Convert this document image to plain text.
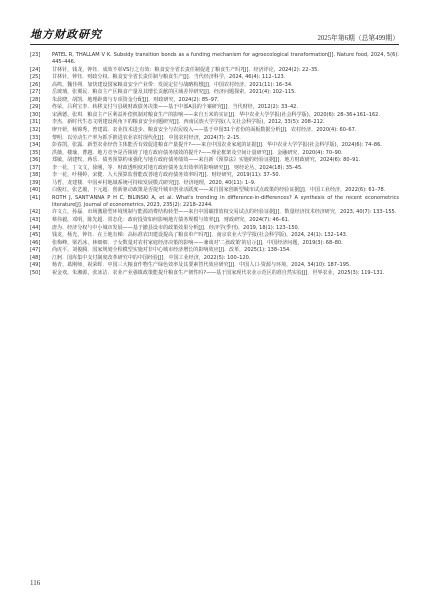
地方财政研究	2025年第6期（总第499期）
[23]	PATEL R, THALLAM V K. Subsidy transition bonds as a funding mechanism for agroecological transformation[J]. Nature food, 2024, 5(6): 445–446.
[24]	甘林针，钱龙，钟钰．成效不彰VS行之有效：粮食安全省长责任制促进了粮食生产吗?[J]．经济评论，2024(2): 22–35.
[25]	甘林针，钟钰．财政分权、粮食安全省长责任制与粮食生产[J]．当代经济科学，2024, 46(4): 112–123.
[26]	高鸣，魏佳朔．加快建设国家粮食安全产业带：发展定位与战略构想[J]．中国农村经济，2021(11): 16–34.
[27]	岳玻璃，张翼民．粮食主产区粮食产量及其增长贡献的区域差异研究[J]．经济问题探索，2021(4): 102–115.
[28]	朱晨晓，胡凯．地理距离与专项资金分配[J]．财政研究，2024(2): 85–97.
[29]	佟荣，吕利宝李．转移支付与县级财政债务决策——基于中部A县的个案研究[J]．当代财经，2012(2): 33–42.
[30]	宋满德，张琪．粮食主产区利益补偿机制对粮食生产的影响——来自玉米的实证[J]．华中农业大学学报(社会科学版)，2020(6): 28–36+161–162.
[31]	李杰．新时代生态文明建设视角下的粮食安全问题研究[J]．西南民族大学学报(人文社会科学版)，2012, 33(5): 208–212.
[32]	廖开妍，杨锦秀，曾建霞．农业技术进步、粮食安全与农民收入——基于中国31个省份的面板数据分析[J]．农村经济，2020(4): 60–67.
[33]	黎明．以劳动生产率为抓手推进农业农村现代化[J]．中国农村经济，2024(7): 2–15.
[34]	彭春凯，张露．新型农业经营主体能否有效促进粮食产量提升?——来自中国农业家庭的证据[J]．华中农业大学学报(社会科学版)，2024(6): 74–86.
[35]	洪薇，楼瑜，曹越．地方竞争是否阻碍了地方政府债务绩效的提升?——理论框架及空间计量研究[J]．金融研究，2020(4): 70–90.
[36]	郑敏，胡建牧，蒋乐．债务预算约束强化与地方政府债务绩效——来自新《预算法》实施的经验证据[J]．地方财政研究，2024(6): 80–91.
[37]	李一花，丁文文，徐刚，等．财政透明度对地方政府债务支出效率的影响研究[J]．财经论丛，2024(18): 35–45.
[38]	李一花，叶栩婷，宋健．人大预算监督能改善地方政府债务效率吗?[J]．财经研究，2019(11): 37–50.
[39]	马哲，龙建楼．中国乡村地域系统可持续发展模式研究[J]．经济地理，2020, 40(11): 1–9.
[40]	白俊红，张艺璇，卞元超．创新驱动政策是否提升城市创业活跃度——来自国家创新型城市试点政策的经验证据[J]．中国工业经济，2022(6): 61–78.
[41]	ROTH J, SANT'ANNA P H C, BILINSKI A, et al. What's trending in difference-in-differences? A synthesis of the recent econometrics literature[J]. Journal of econometrics, 2023, 235(2): 2218–2244.
[42]	许文立，孙磊．市场激励型环境规制与能源消费结构转型——来自中国碳排放权交易试点的经验证据[J]．数量经济技术经济研究，2023, 40(7): 133–155.
[43]	蔡伟毅，邓明，陈先超．常态化：政府投资如何影响地方债务规模与效率[J]．财政研究，2024(7): 46–61.
[44]	唐为．经济分权与中小城市发展——基于撤县设市的政策效果分析[J]．经济学(季刊)，2019, 18(1): 123–150.
[45]	钱龙，杨光，钟钰．在土地有梯：高标准农田建设提高了粮食单产吗?[J]．南京农业大学学报(社会科学版)，2024, 24(1): 132–143.
[46]	张梅峰，梁若冰，林细细．子女数量对农村家庭经济决策的影响——兼谈对'二孩政策'的启示[J]．中国经济问题，2019(3): 68–80.
[47]	尚虎平，刘俊腾．国家规划全程模型实施对非中心城市经济增长的影响效应[J]．改革，2025(1): 138–154.
[48]	江舸．国库集中支付制度改革研究中的中国经验[J]．中国工业经济，2022(5): 100–120.
[49]	杨青，葛刚师，祝荣晖．中国三大粮食作物生产绿色效率及其要素替代效应研究[J]．中国人口·资源与环境，2024, 34(10): 187–195.
[50]	祝金欢，朱湘源，张冰洁．农业产业强镇政策能提升粮食生产韧性吗?——基于国家现代农业示范区的准自然实验[J]．世界农业，2025(3): 119–131.
116
